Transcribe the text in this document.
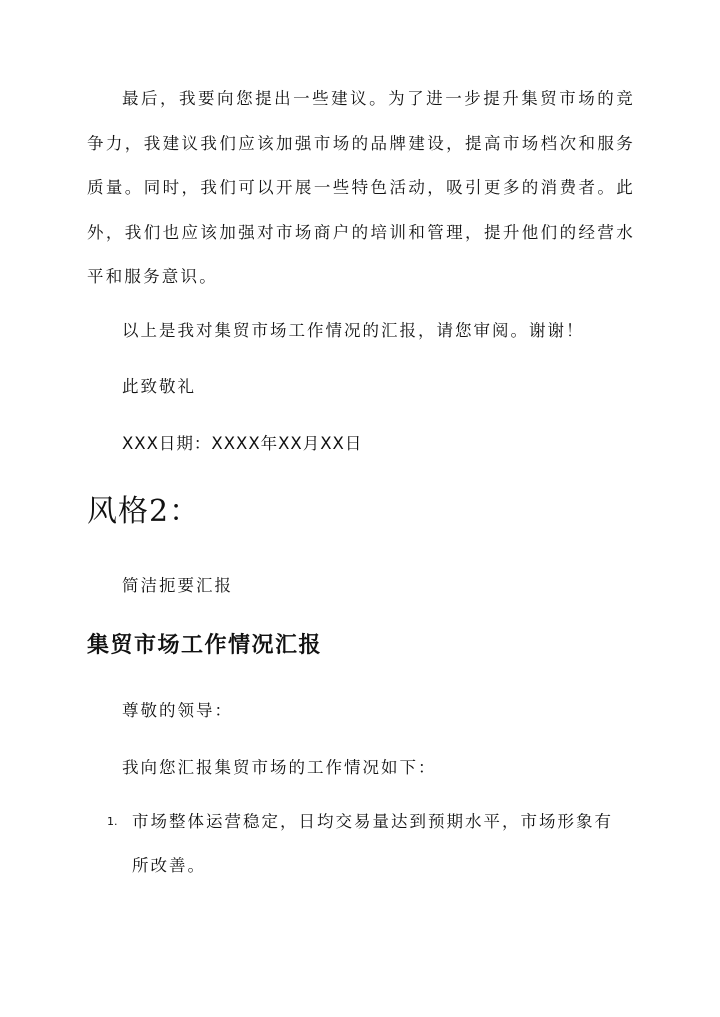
最后，我要向您提出一些建议。为了进一步提升集贸市场的竞争力，我建议我们应该加强市场的品牌建设，提高市场档次和服务质量。同时，我们可以开展一些特色活动，吸引更多的消费者。此外，我们也应该加强对市场商户的培训和管理，提升他们的经营水平和服务意识。

以上是我对集贸市场工作情况的汇报，请您审阅。谢谢！

此致敬礼

XXX日期：XXXX年XX月XX日

风格2：

简洁扼要汇报

集贸市场工作情况汇报

尊敬的领导：

我向您汇报集贸市场的工作情况如下：

1. 市场整体运营稳定，日均交易量达到预期水平，市场形象有所改善。
